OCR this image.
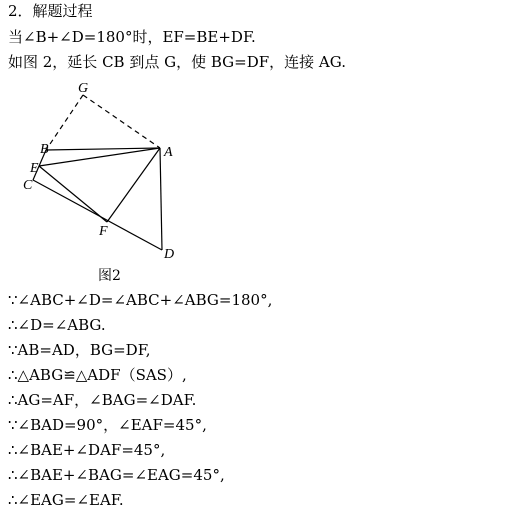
2．解题过程
当∠B+∠D=180°时，EF=BE+DF.
如图 2，延长 CB 到点 G，使 BG=DF，连接 AG.
G
B	A
E
C
F
D
图2
∵∠ABC+∠D=∠ABC+∠ABG=180°,
∴∠D=∠ABG.
∵AB=AD，BG=DF,
∴△ABG≌△ADF（SAS）,
∴AG=AF，∠BAG=∠DAF.
∵∠BAD=90°，∠EAF=45°,
∴∠BAE+∠DAF=45°,
∴∠BAE+∠BAG=∠EAG=45°,
∴∠EAG=∠EAF.
